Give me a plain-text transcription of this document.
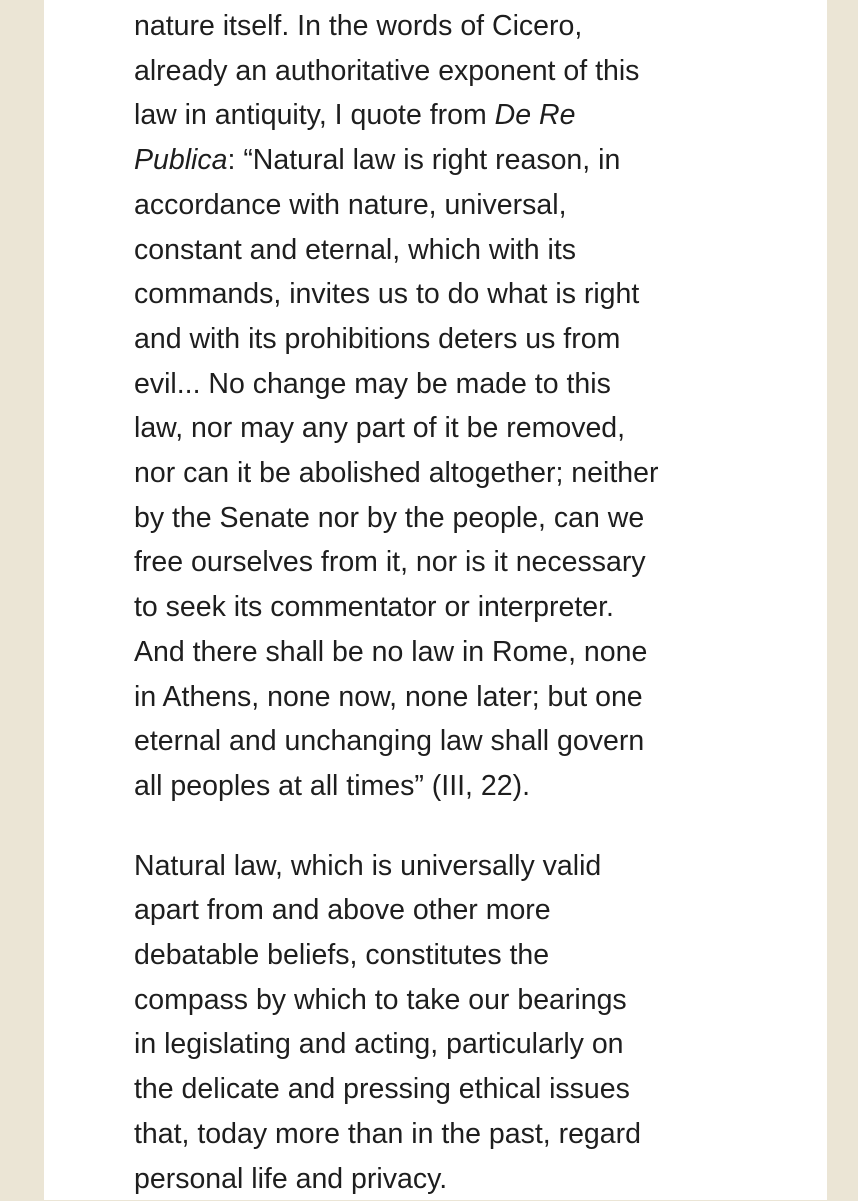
nature itself. In the words of Cicero,
already an authoritative exponent of this
law in antiquity, I quote from De Re
Publica: “Natural law is right reason, in
accordance with nature, universal,
constant and eternal, which with its
commands, invites us to do what is right
and with its prohibitions deters us from
evil... No change may be made to this
law, nor may any part of it be removed,
nor can it be abolished altogether; neither
by the Senate nor by the people, can we
free ourselves from it, nor is it necessary
to seek its commentator or interpreter.
And there shall be no law in Rome, none
in Athens, none now, none later; but one
eternal and unchanging law shall govern
all peoples at all times” (III, 22).

Natural law, which is universally valid
apart from and above other more
debatable beliefs, constitutes the
compass by which to take our bearings
in legislating and acting, particularly on
the delicate and pressing ethical issues
that, today more than in the past, regard
personal life and privacy.
